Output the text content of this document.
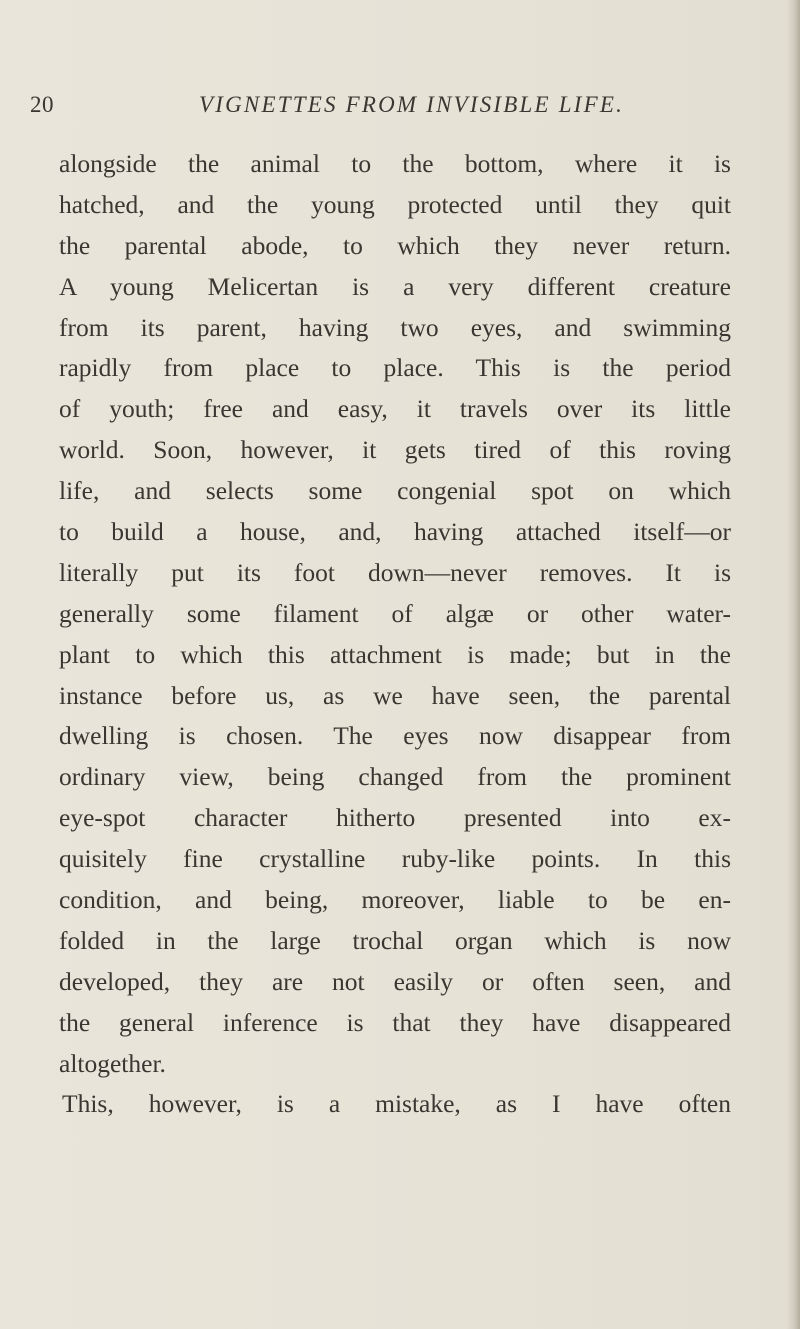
20	VIGNETTES FROM INVISIBLE LIFE.
alongside the animal to the bottom, where it is
hatched, and the young protected until they quit
the parental abode, to which they never return.
A young Melicertan is a very different creature
from its parent, having two eyes, and swimming
rapidly from place to place. This is the period
of youth; free and easy, it travels over its little
world. Soon, however, it gets tired of this roving
life, and selects some congenial spot on which
to build a house, and, having attached itself—or
literally put its foot down—never removes. It is
generally some filament of algæ or other water-
plant to which this attachment is made; but in the
instance before us, as we have seen, the parental
dwelling is chosen. The eyes now disappear from
ordinary view, being changed from the prominent
eye-spot character hitherto presented into ex-
quisitely fine crystalline ruby-like points. In this
condition, and being, moreover, liable to be en-
folded in the large trochal organ which is now
developed, they are not easily or often seen, and
the general inference is that they have disappeared
altogether.
This, however, is a mistake, as I have often
